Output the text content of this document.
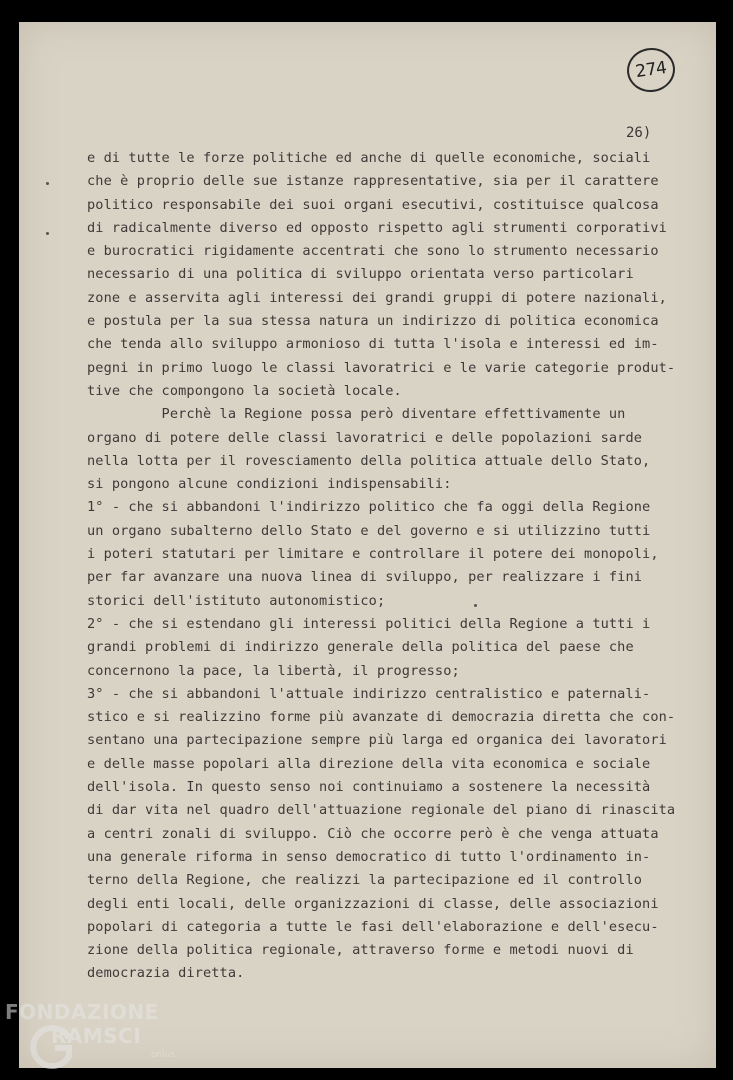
274
26)
e di tutte le forze politiche ed anche di quelle economiche, sociali
che è proprio delle sue istanze rappresentative, sia per il carattere
politico responsabile dei suoi organi esecutivi, costituisce qualcosa
di radicalmente diverso ed opposto rispetto agli strumenti corporativi
e burocratici rigidamente accentrati che sono lo strumento necessario
necessario di una politica di sviluppo orientata verso particolari
zone e asservita agli interessi dei grandi gruppi di potere nazionali,
e postula per la sua stessa natura un indirizzo di politica economica
che tenda allo sviluppo armonioso di tutta l'isola e interessi ed im-
pegni in primo luogo le classi lavoratrici e le varie categorie produt-
tive che compongono la società locale.
Perchè la Regione possa però diventare effettivamente un
organo di potere delle classi lavoratrici e delle popolazioni sarde
nella lotta per il rovesciamento della politica attuale dello Stato,
si pongono alcune condizioni indispensabili:
1° - che si abbandoni l'indirizzo politico che fa oggi della Regione
un organo subalterno dello Stato e del governo e si utilizzino tutti
i poteri statutari per limitare e controllare il potere dei monopoli,
per far avanzare una nuova linea di sviluppo, per realizzare i fini
storici dell'istituto autonomistico;
2° - che si estendano gli interessi politici della Regione a tutti i
grandi problemi di indirizzo generale della politica del paese che
concernono la pace, la libertà, il progresso;
3° - che si abbandoni l'attuale indirizzo centralistico e paternali-
stico e si realizzino forme più avanzate di democrazia diretta che con-
sentano una partecipazione sempre più larga ed organica dei lavoratori
e delle masse popolari alla direzione della vita economica e sociale
dell'isola. In questo senso noi continuiamo a sostenere la necessità
di dar vita nel quadro dell'attuazione regionale del piano di rinascita
a centri zonali di sviluppo. Ciò che occorre però è che venga attuata
una generale riforma in senso democratico di tutto l'ordinamento in-
terno della Regione, che realizzi la partecipazione ed il controllo
degli enti locali, delle organizzazioni di classe, delle associazioni
popolari di categoria a tutte le fasi dell'elaborazione e dell'esecu-
zione della politica regionale, attraverso forme e metodi nuovi di
democrazia diretta.
FONDAZIONE
RAMSCI
onlus
